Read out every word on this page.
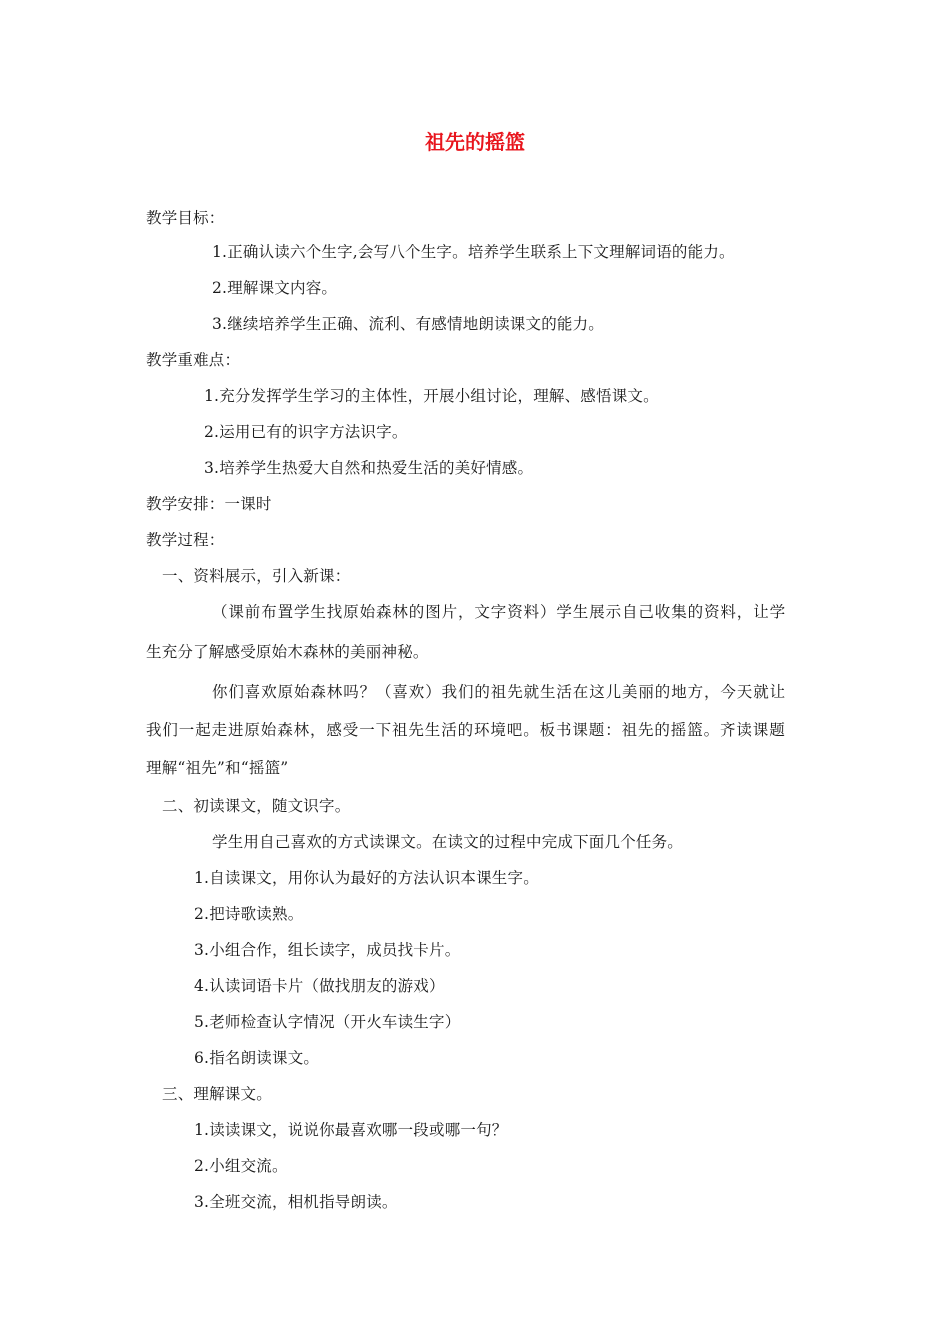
祖先的摇篮
教学目标：
1.正确认读六个生字,会写八个生字。培养学生联系上下文理解词语的能力。
2.理解课文内容。
3.继续培养学生正确、流利、有感情地朗读课文的能力。
教学重难点：
1.充分发挥学生学习的主体性，开展小组讨论，理解、感悟课文。
2.运用已有的识字方法识字。
3.培养学生热爱大自然和热爱生活的美好情感。
教学安排：一课时
教学过程：
一、资料展示，引入新课：
（课前布置学生找原始森林的图片，文字资料）学生展示自己收集的资料，让学
生充分了解感受原始木森林的美丽神秘。
你们喜欢原始森林吗？（喜欢）我们的祖先就生活在这儿美丽的地方，今天就让
我们一起走进原始森林，感受一下祖先生活的环境吧。板书课题：祖先的摇篮。齐读课题
理解“祖先”和“摇篮”
二、初读课文，随文识字。
学生用自己喜欢的方式读课文。在读文的过程中完成下面几个任务。
1.自读课文，用你认为最好的方法认识本课生字。
2.把诗歌读熟。
3.小组合作，组长读字，成员找卡片。
4.认读词语卡片（做找朋友的游戏）
5.老师检查认字情况（开火车读生字）
6.指名朗读课文。
三、理解课文。
1.读读课文，说说你最喜欢哪一段或哪一句？
2.小组交流。
3.全班交流，相机指导朗读。
